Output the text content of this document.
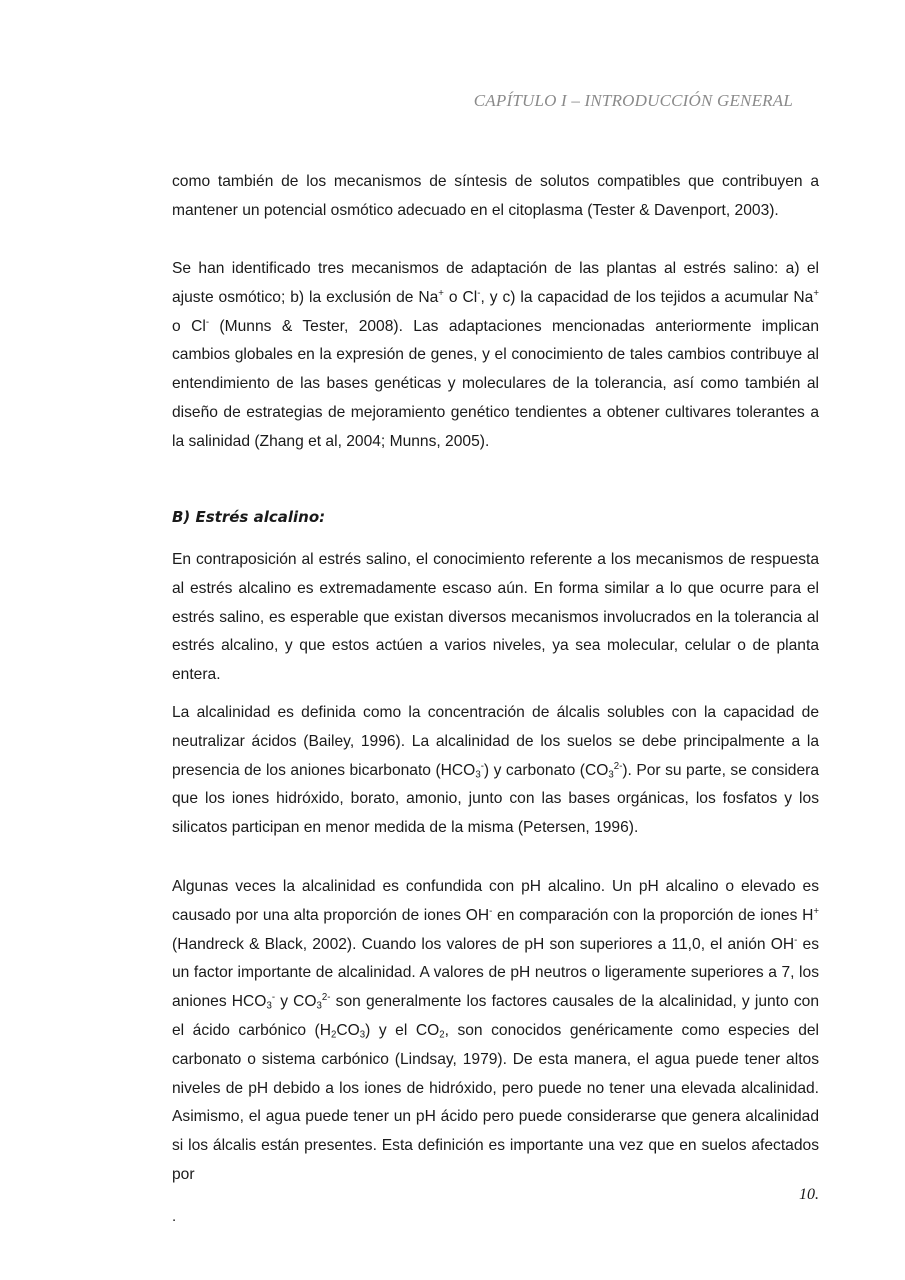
CAPÍTULO I – INTRODUCCIÓN GENERAL

como también de los mecanismos de síntesis de solutos compatibles que contribuyen a mantener un potencial osmótico adecuado en el citoplasma (Tester & Davenport, 2003).

Se han identificado tres mecanismos de adaptación de las plantas al estrés salino: a) el ajuste osmótico; b) la exclusión de Na+ o Cl-, y c) la capacidad de los tejidos a acumular Na+ o Cl- (Munns & Tester, 2008). Las adaptaciones mencionadas anteriormente implican cambios globales en la expresión de genes, y el conocimiento de tales cambios contribuye al entendimiento de las bases genéticas y moleculares de la tolerancia, así como también al diseño de estrategias de mejoramiento genético tendientes a obtener cultivares tolerantes a la salinidad (Zhang et al, 2004; Munns, 2005).

B) Estrés alcalino:

En contraposición al estrés salino, el conocimiento referente a los mecanismos de respuesta al estrés alcalino es extremadamente escaso aún. En forma similar a lo que ocurre para el estrés salino, es esperable que existan diversos mecanismos involucrados en la tolerancia al estrés alcalino, y que estos actúen a varios niveles, ya sea molecular, celular o de planta entera.

La alcalinidad es definida como la concentración de álcalis solubles con la capacidad de neutralizar ácidos (Bailey, 1996). La alcalinidad de los suelos se debe principalmente a la presencia de los aniones bicarbonato $(HCO_3^-)$ y carbonato $(CO_3^{2-})$. Por su parte, se considera que los iones hidróxido, borato, amonio, junto con las bases orgánicas, los fosfatos y los silicatos participan en menor medida de la misma (Petersen, 1996).

Algunas veces la alcalinidad es confundida con pH alcalino. Un pH alcalino o elevado es causado por una alta proporción de iones OH- en comparación con la proporción de iones H+ (Handreck & Black, 2002). Cuando los valores de pH son superiores a 11,0, el anión OH- es un factor importante de alcalinidad. A valores de pH neutros o ligeramente superiores a 7, los aniones $HCO_3^-$ y $CO_3^{2-}$ son generalmente los factores causales de la alcalinidad, y junto con el ácido carbónico $(H_2CO_3)$ y el $CO_2$, son conocidos genéricamente como especies del carbonato o sistema carbónico (Lindsay, 1979). De esta manera, el agua puede tener altos niveles de pH debido a los iones de hidróxido, pero puede no tener una elevada alcalinidad. Asimismo, el agua puede tener un pH ácido pero puede considerarse que genera alcalinidad si los álcalis están presentes. Esta definición es importante una vez que en suelos afectados por

10.
.
